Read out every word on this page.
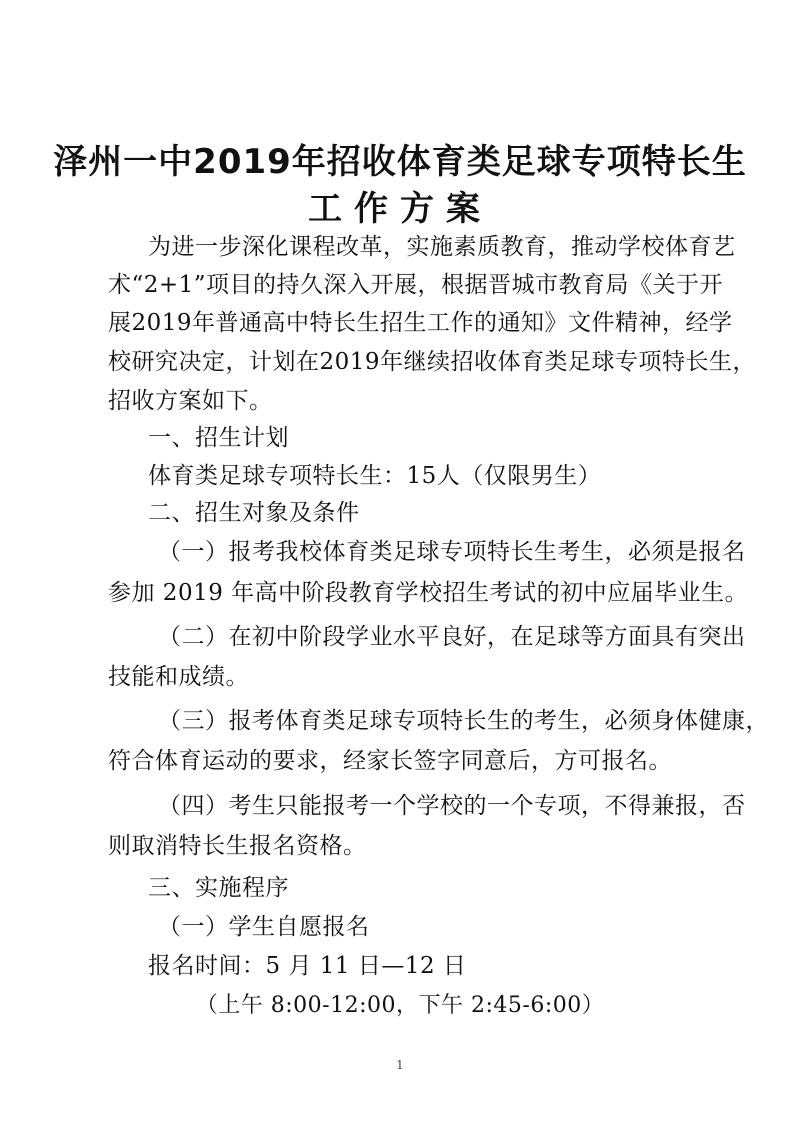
泽州一中2019年招收体育类足球专项特长生
工作方案
为进一步深化课程改革，实施素质教育，推动学校体育艺
术“2+1”项目的持久深入开展，根据晋城市教育局《关于开
展2019年普通高中特长生招生工作的通知》文件精神，经学
校研究决定，计划在2019年继续招收体育类足球专项特长生，
招收方案如下。
一、招生计划
体育类足球专项特长生：15人（仅限男生）
二、招生对象及条件
（一）报考我校体育类足球专项特长生考生，必须是报名
参加 2019 年高中阶段教育学校招生考试的初中应届毕业生。
（二）在初中阶段学业水平良好，在足球等方面具有突出
技能和成绩。
（三）报考体育类足球专项特长生的考生，必须身体健康，
符合体育运动的要求，经家长签字同意后，方可报名。
（四）考生只能报考一个学校的一个专项，不得兼报，否
则取消特长生报名资格。
三、实施程序
（一）学生自愿报名
报名时间：5 月 11 日—12 日
（上午 8:00-12:00，下午 2:45-6:00）
1
